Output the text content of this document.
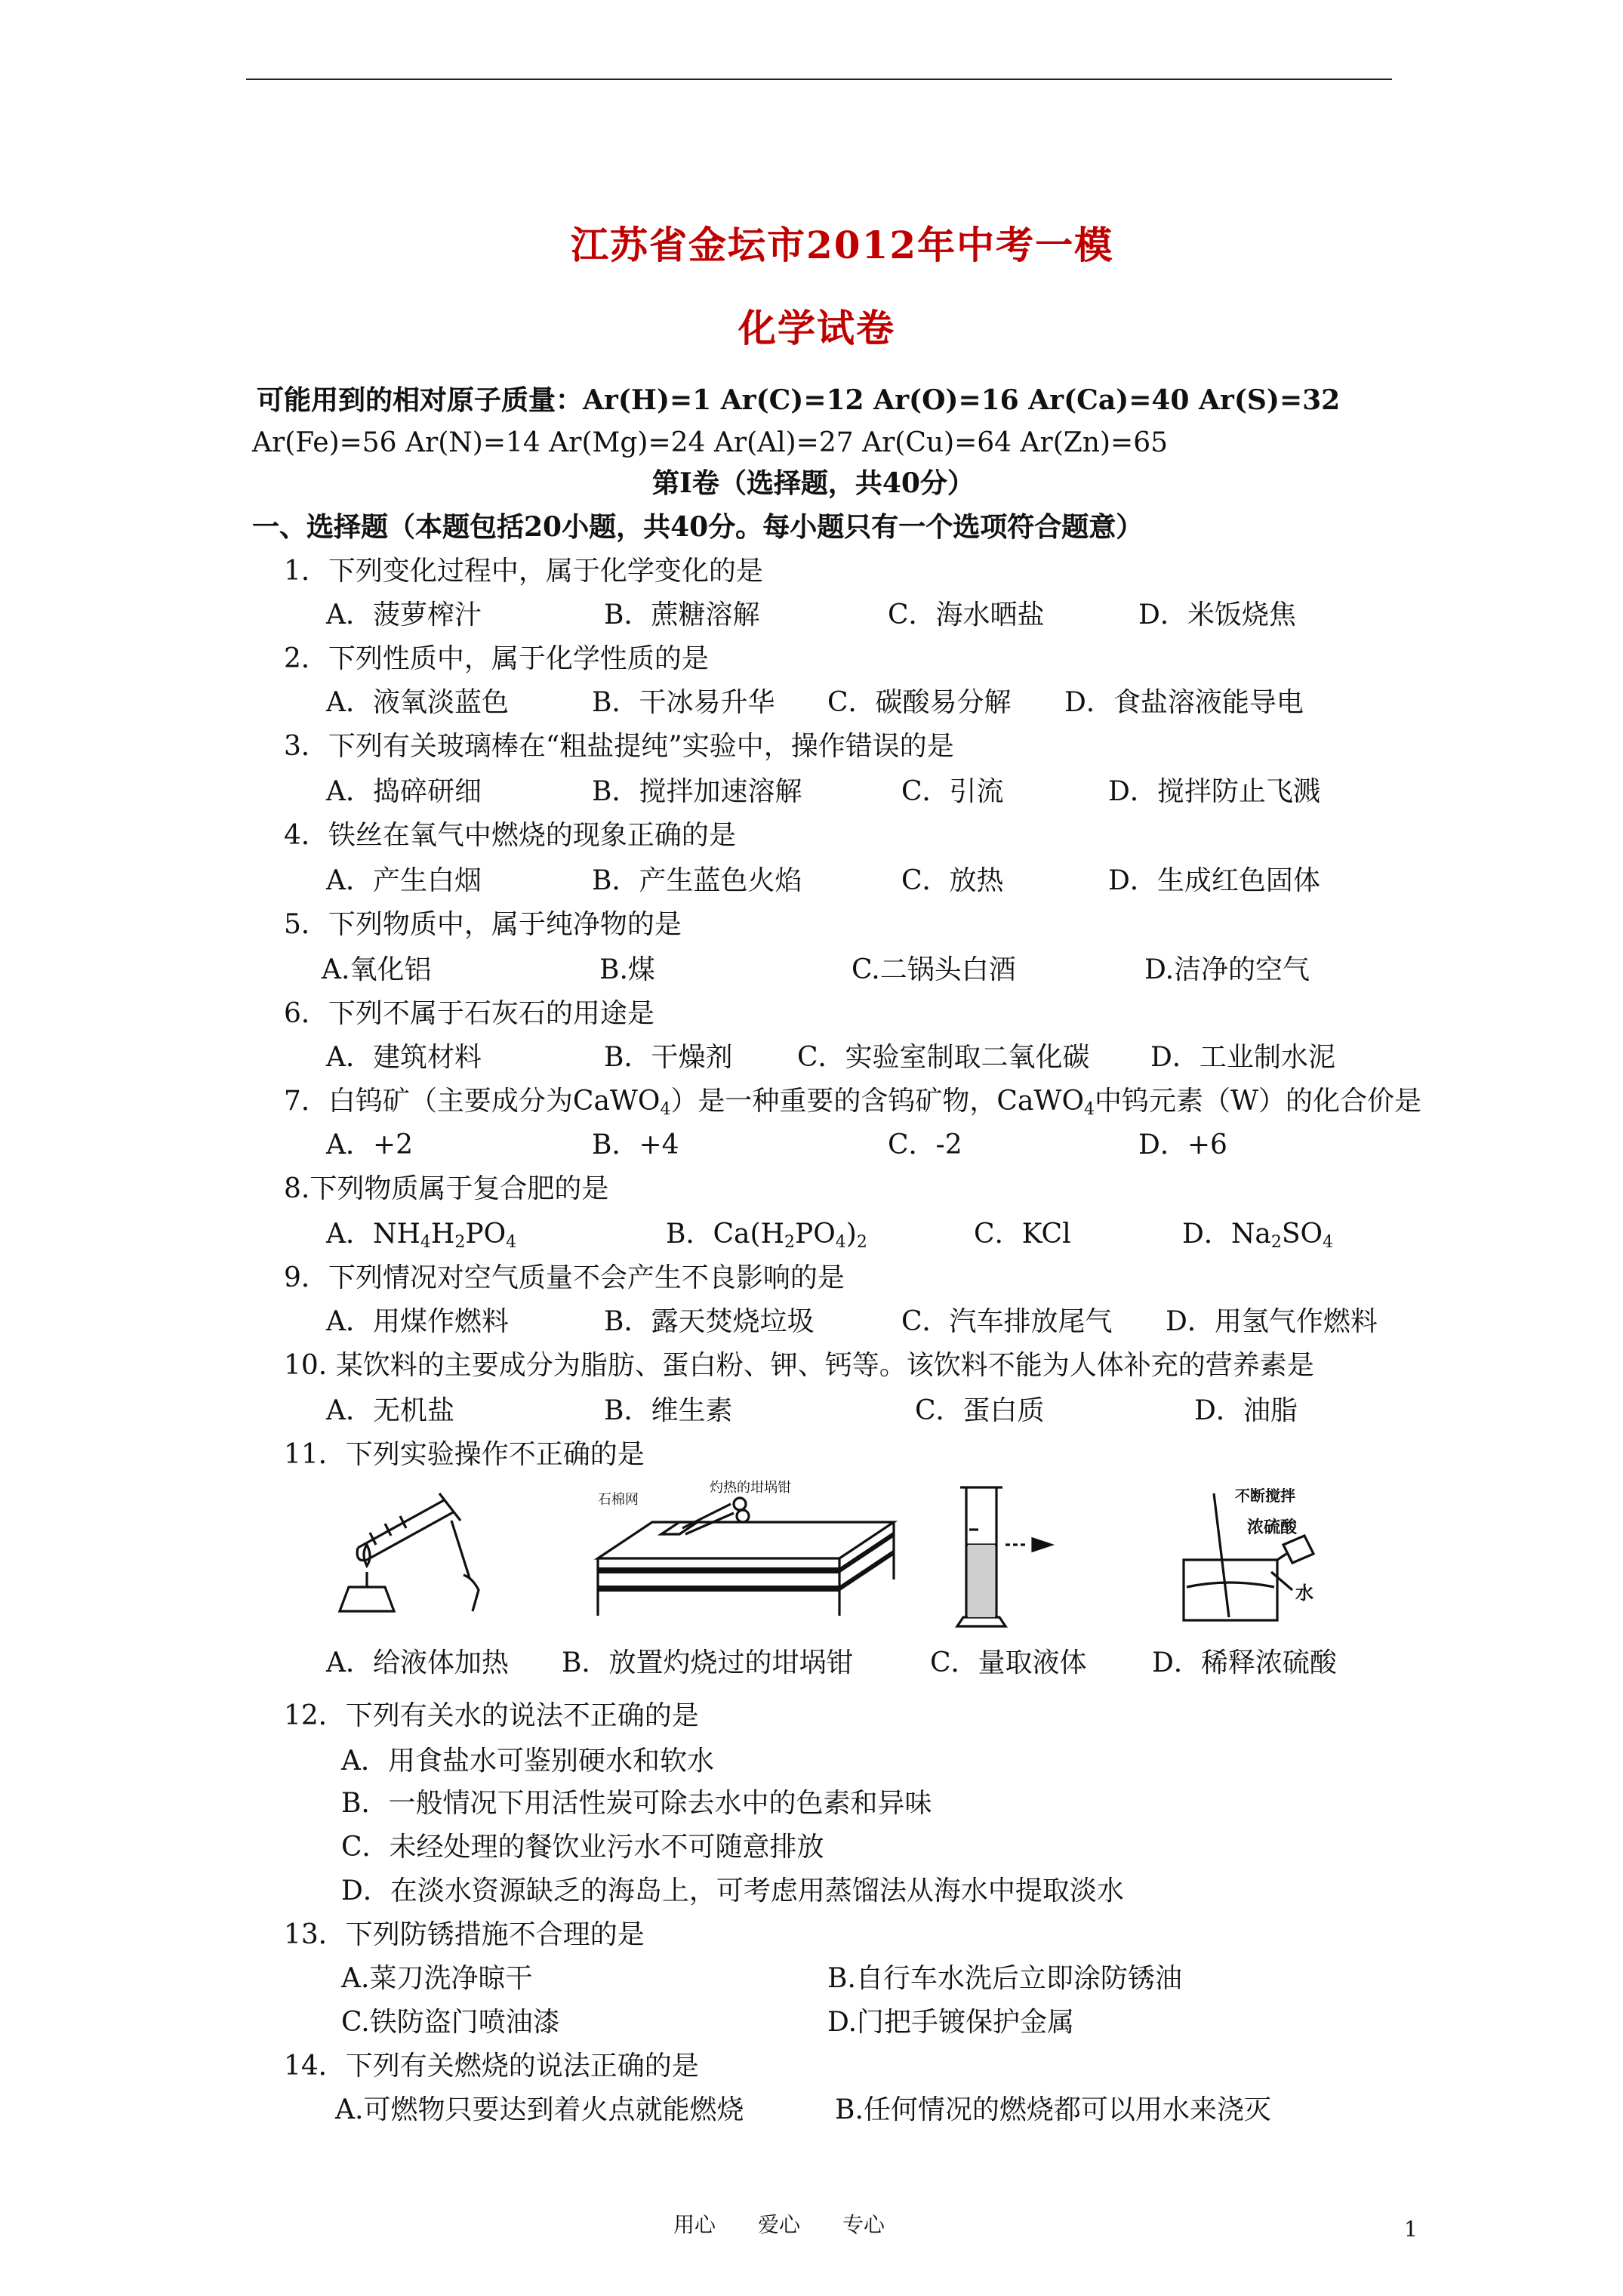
江苏省金坛市2012年中考一模
化学试卷
可能用到的相对原子质量：Ar(H)=1 Ar(C)=12 Ar(O)=16 Ar(Ca)=40 Ar(S)=32
Ar(Fe)=56 Ar(N)=14 Ar(Mg)=24 Ar(Al)=27 Ar(Cu)=64 Ar(Zn)=65
第Ⅰ卷（选择题，共40分）
一、选择题（本题包括20小题，共40分。每小题只有一个选项符合题意）
1．下列变化过程中，属于化学变化的是
A．菠萝榨汁	B．蔗糖溶解	C．海水晒盐	D．米饭烧焦
2．下列性质中，属于化学性质的是
A．液氧淡蓝色	B．干冰易升华	C．碳酸易分解	D．食盐溶液能导电
3．下列有关玻璃棒在“粗盐提纯”实验中，操作错误的是
A．捣碎研细	B．搅拌加速溶解	C．引流	D．搅拌防止飞溅
4．铁丝在氧气中燃烧的现象正确的是
A．产生白烟	B．产生蓝色火焰	C．放热	D．生成红色固体
5．下列物质中，属于纯净物的是
A.氧化铝	B.煤	C.二锅头白酒	D.洁净的空气
6．下列不属于石灰石的用途是
A．建筑材料	B．干燥剂	C．实验室制取二氧化碳	D．工业制水泥
7．白钨矿（主要成分为CaWO$_4$）是一种重要的含钨矿物，CaWO$_4$中钨元素（W）的化合价是
A．+2	B．+4	C．-2	D．+6
8.下列物质属于复合肥的是
A．$NH_4H_2PO_4$	B．$Ca(H_2PO_4)_2$	C．KCl	D．$Na_2SO_4$
9．下列情况对空气质量不会产生不良影响的是
A．用煤作燃料	B．露天焚烧垃圾	C．汽车排放尾气	D．用氢气作燃料
10. 某饮料的主要成分为脂肪、蛋白粉、钾、钙等。该饮料不能为人体补充的营养素是
A．无机盐	B．维生素	C．蛋白质	D．油脂
11．下列实验操作不正确的是
石棉网
灼热的坩埚钳	不断搅拌
浓硫酸
水
A．给液体加热	B．放置灼烧过的坩埚钳	C．量取液体	D．稀释浓硫酸
12．下列有关水的说法不正确的是
A．用食盐水可鉴别硬水和软水
B．一般情况下用活性炭可除去水中的色素和异味
C．未经处理的餐饮业污水不可随意排放
D．在淡水资源缺乏的海岛上，可考虑用蒸馏法从海水中提取淡水
13．下列防锈措施不合理的是
A.菜刀洗净晾干	B.自行车水洗后立即涂防锈油
C.铁防盗门喷油漆	D.门把手镀保护金属
14．下列有关燃烧的说法正确的是
A.可燃物只要达到着火点就能燃烧	B.任何情况的燃烧都可以用水来浇灭
用心　　爱心　　专心	1
